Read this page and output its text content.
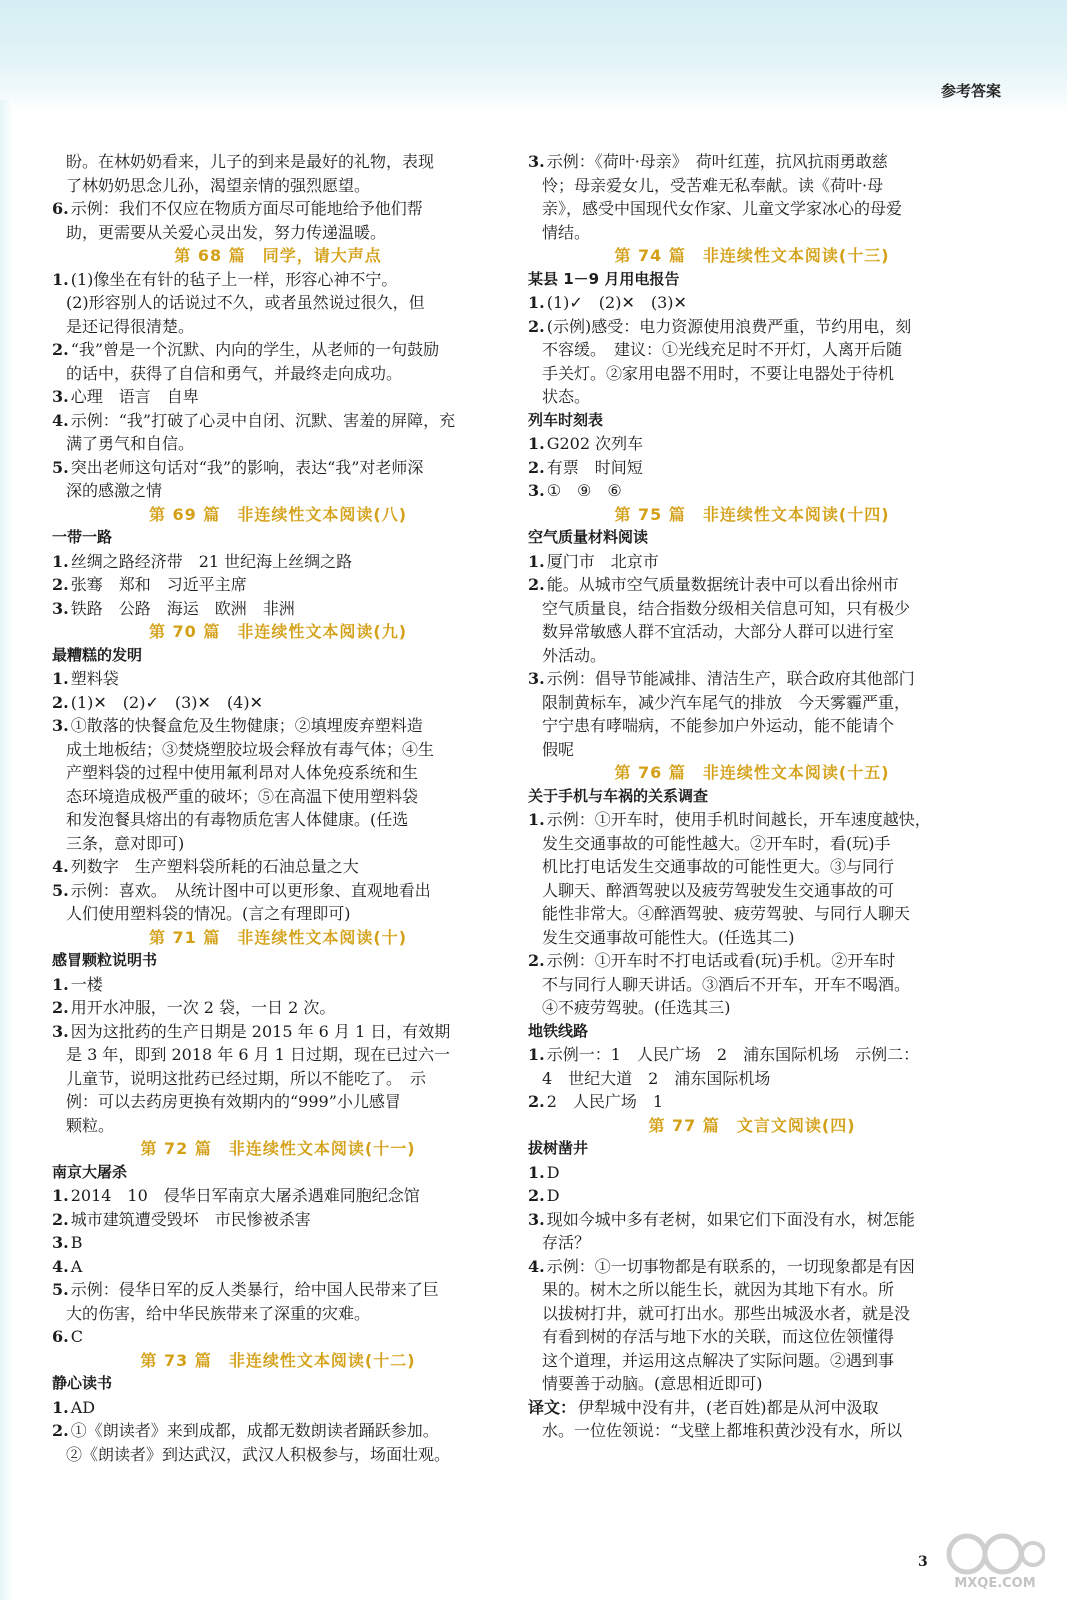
参考答案
盼。在林奶奶看来，儿子的到来是最好的礼物，表现
了林奶奶思念儿孙，渴望亲情的强烈愿望。
6. 示例：我们不仅应在物质方面尽可能地给予他们帮
助，更需要从关爱心灵出发，努力传递温暖。
第 68 篇　同学，请大声点
1. (1)像坐在有针的毡子上一样，形容心神不宁。
(2)形容别人的话说过不久，或者虽然说过很久，但
是还记得很清楚。
2. “我”曾是一个沉默、内向的学生，从老师的一句鼓励
的话中，获得了自信和勇气，并最终走向成功。
3. 心理　语言　自卑
4. 示例：“我”打破了心灵中自闭、沉默、害羞的屏障，充
满了勇气和自信。
5. 突出老师这句话对“我”的影响，表达“我”对老师深
深的感激之情
第 69 篇　非连续性文本阅读(八)
一带一路
1. 丝绸之路经济带　21 世纪海上丝绸之路
2. 张骞　郑和　习近平主席
3. 铁路　公路　海运　欧洲　非洲
第 70 篇　非连续性文本阅读(九)
最糟糕的发明
1. 塑料袋
2. (1)✕　(2)✓　(3)✕　(4)✕
3. ①散落的快餐盒危及生物健康；②填埋废弃塑料造
成土地板结；③焚烧塑胶垃圾会释放有毒气体；④生
产塑料袋的过程中使用氟利昂对人体免疫系统和生
态环境造成极严重的破坏；⑤在高温下使用塑料袋
和发泡餐具熔出的有毒物质危害人体健康。(任选
三条，意对即可)
4. 列数字　生产塑料袋所耗的石油总量之大
5. 示例：喜欢。　从统计图中可以更形象、直观地看出
人们使用塑料袋的情况。(言之有理即可)
第 71 篇　非连续性文本阅读(十)
感冒颗粒说明书
1. 一楼
2. 用开水冲服，一次 2 袋，一日 2 次。
3. 因为这批药的生产日期是 2015 年 6 月 1 日，有效期
是 3 年，即到 2018 年 6 月 1 日过期，现在已过六一
儿童节，说明这批药已经过期，所以不能吃了。　示
例：可以去药房更换有效期内的“999”小儿感冒
颗粒。
第 72 篇　非连续性文本阅读(十一)
南京大屠杀
1. 2014　10　侵华日军南京大屠杀遇难同胞纪念馆
2. 城市建筑遭受毁坏　市民惨被杀害
3. B
4. A
5. 示例：侵华日军的反人类暴行，给中国人民带来了巨
大的伤害，给中华民族带来了深重的灾难。
6. C
第 73 篇　非连续性文本阅读(十二)
静心读书
1. AD
2. ①《朗读者》来到成都，成都无数朗读者踊跃参加。
②《朗读者》到达武汉，武汉人积极参与，场面壮观。
3. 示例：《荷叶·母亲》　荷叶红莲，抗风抗雨勇敢慈
怜；母亲爱女儿，受苦难无私奉献。读《荷叶·母
亲》，感受中国现代女作家、儿童文学家冰心的母爱
情结。
第 74 篇　非连续性文本阅读(十三)
某县 1－9 月用电报告
1. (1)✓　(2)✕　(3)✕
2. (示例)感受：电力资源使用浪费严重，节约用电，刻
不容缓。　建议：①光线充足时不开灯，人离开后随
手关灯。②家用电器不用时，不要让电器处于待机
状态。
列车时刻表
1. G202 次列车
2. 有票　时间短
3. ①　⑨　⑥
第 75 篇　非连续性文本阅读(十四)
空气质量材料阅读
1. 厦门市　北京市
2. 能。从城市空气质量数据统计表中可以看出徐州市
空气质量良，结合指数分级相关信息可知，只有极少
数异常敏感人群不宜活动，大部分人群可以进行室
外活动。
3. 示例：倡导节能减排、清洁生产，联合政府其他部门
限制黄标车，减少汽车尾气的排放　今天雾霾严重，
宁宁患有哮喘病，不能参加户外运动，能不能请个
假呢
第 76 篇　非连续性文本阅读(十五)
关于手机与车祸的关系调查
1. 示例：①开车时，使用手机时间越长，开车速度越快，
发生交通事故的可能性越大。②开车时，看(玩)手
机比打电话发生交通事故的可能性更大。③与同行
人聊天、醉酒驾驶以及疲劳驾驶发生交通事故的可
能性非常大。④醉酒驾驶、疲劳驾驶、与同行人聊天
发生交通事故可能性大。(任选其二)
2. 示例：①开车时不打电话或看(玩)手机。②开车时
不与同行人聊天讲话。③酒后不开车，开车不喝酒。
④不疲劳驾驶。(任选其三)
地铁线路
1. 示例一：1　人民广场　2　浦东国际机场　示例二：
4　世纪大道　2　浦东国际机场
2. 2　人民广场　1
第 77 篇　文言文阅读(四)
拔树凿井
1. D
2. D
3. 现如今城中多有老树，如果它们下面没有水，树怎能
存活？
4. 示例：①一切事物都是有联系的，一切现象都是有因
果的。树木之所以能生长，就因为其地下有水。所
以拔树打井，就可打出水。那些出城汲水者，就是没
有看到树的存活与地下水的关联，而这位佐领懂得
这个道理，并运用这点解决了实际问题。②遇到事
情要善于动脑。(意思相近即可)
译文： 伊犁城中没有井，(老百姓)都是从河中汲取
水。一位佐领说：“戈壁上都堆积黄沙没有水，所以
3
MXQE.COM
